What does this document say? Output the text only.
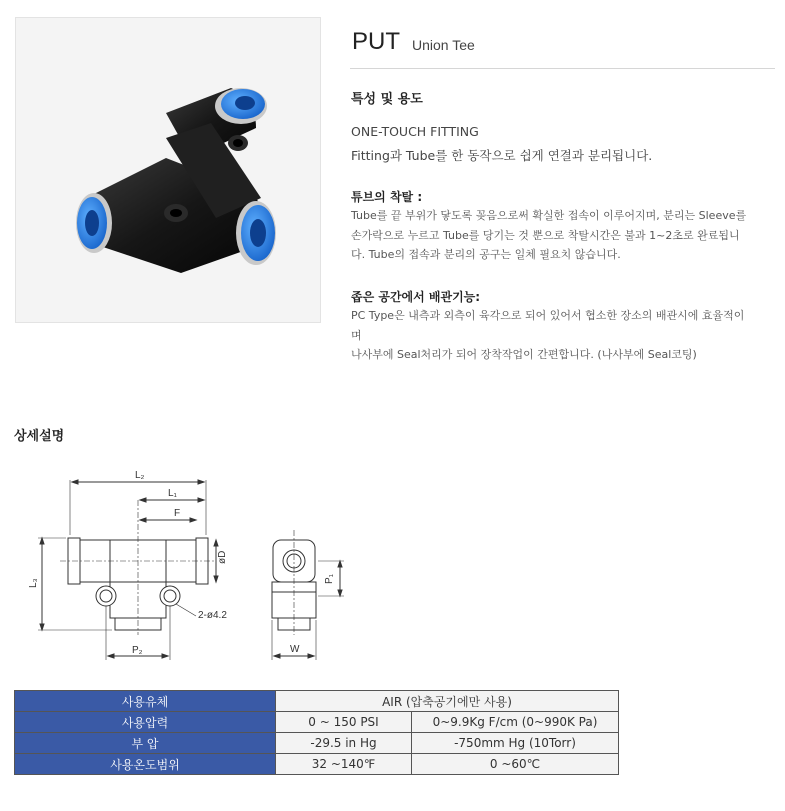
PUT Union Tee
특성 및 용도
ONE-TOUCH FITTING
Fitting과 Tube를 한 동작으로 쉽게 연결과 분리됩니다.
튜브의 착탈 :
Tube를 끝 부위가 닿도록 꽂음으로써 확실한 접속이 이루어지며, 분리는 Sleeve를
손가락으로 누르고 Tube를 당기는 것 뿐으로 착탈시간은 불과 1~2초로 완료됩니
다. Tube의 접속과 분리의 공구는 일체 필요치 않습니다.
좁은 공간에서 배관기능:
PC Type은 내측과 외측이 육각으로 되어 있어서 협소한 장소의 배관시에 효율적이
며
나사부에 Seal처리가 되어 장착작업이 간편합니다. (나사부에 Seal코팅)
상세설명
L₂
L₁
F
øD
L₃
2-ø4.2
P₂
P₁
W
사용유체	AIR (압축공기에만 사용)	
사용압력	0 ~ 150 PSI	0~9.9Kg F/cm (0~990K Pa)
부 압	-29.5 in Hg	-750mm Hg (10Torr)
사용온도범위	32 ~140℉	0 ~60℃
